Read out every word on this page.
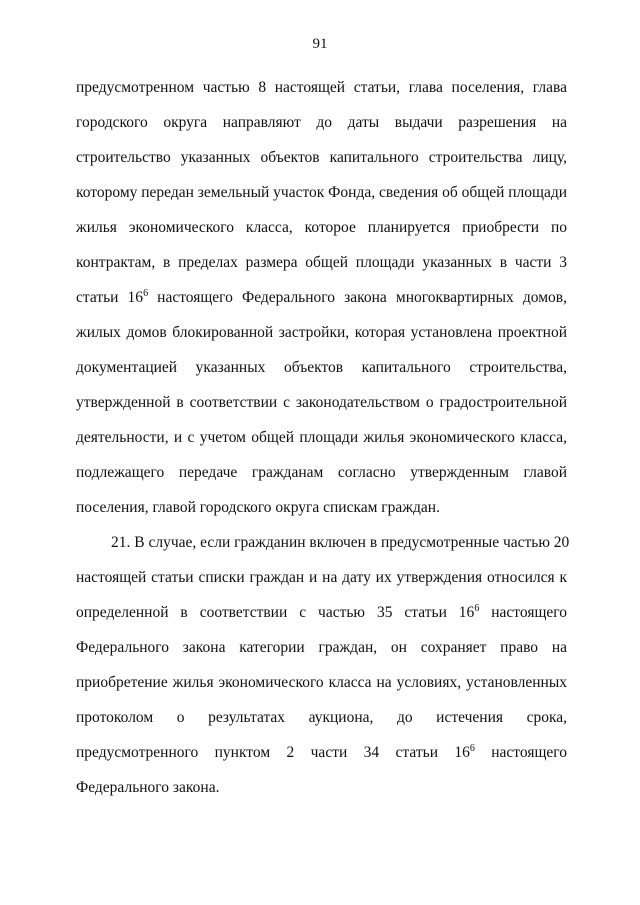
91
предусмотренном частью 8 настоящей статьи, глава поселения, глава
городского округа направляют до даты выдачи разрешения на
строительство указанных объектов капитального строительства лицу,
которому передан земельный участок Фонда, сведения об общей площади
жилья экономического класса, которое планируется приобрести по
контрактам, в пределах размера общей площади указанных в части 3
статьи $16^6$ настоящего Федерального закона многоквартирных домов,
жилых домов блокированной застройки, которая установлена проектной
документацией указанных объектов капитального строительства,
утвержденной в соответствии с законодательством о градостроительной
деятельности, и с учетом общей площади жилья экономического класса,
подлежащего передаче гражданам согласно утвержденным главой
поселения, главой городского округа спискам граждан.
21. В случае, если гражданин включен в предусмотренные частью 20
настоящей статьи списки граждан и на дату их утверждения относился к
определенной в соответствии с частью 35 статьи $16^6$ настоящего
Федерального закона категории граждан, он сохраняет право на
приобретение жилья экономического класса на условиях, установленных
протоколом о результатах аукциона, до истечения срока,
предусмотренного пунктом 2 части 34 статьи $16^6$ настоящего
Федерального закона.
